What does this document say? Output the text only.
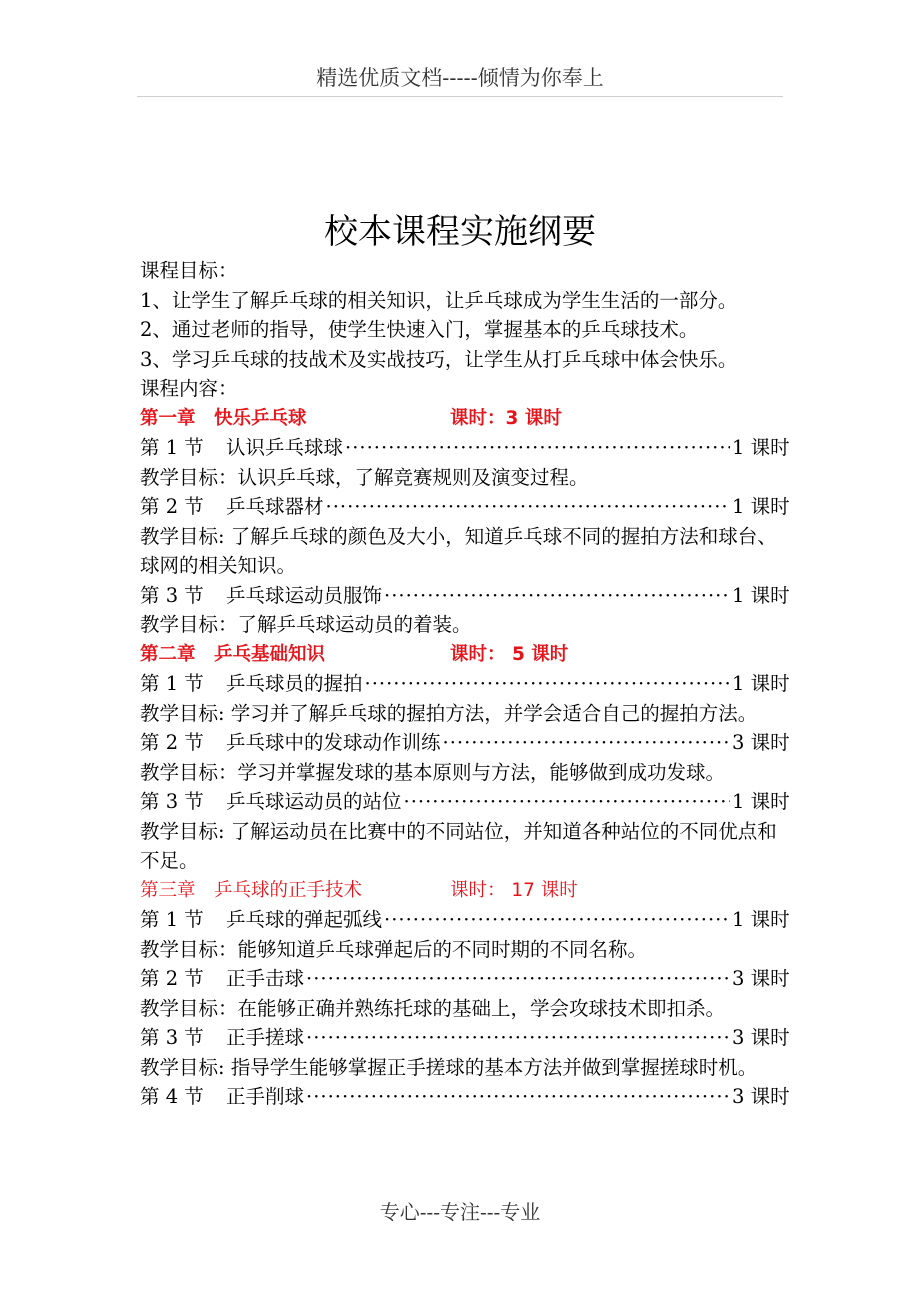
精选优质文档-----倾情为你奉上
校本课程实施纲要
课程目标：
1、让学生了解乒乓球的相关知识，让乒乓球成为学生生活的一部分。
2、通过老师的指导，使学生快速入门，掌握基本的乒乓球技术。
3、学习乒乓球的技战术及实战技巧，让学生从打乒乓球中体会快乐。
课程内容：
第一章　快乐乒乓球	课时：3 课时
第 1 节	认识乒乓球球 ·····	1 课时
教学目标：认识乒乓球，了解竞赛规则及演变过程。
第 2 节	乒乓球器材 ·····	1 课时
教学目标: 了解乒乓球的颜色及大小，知道乒乓球不同的握拍方法和球台、球网的相关知识。
第 3 节	乒乓球运动员服饰 ·····	1 课时
教学目标：了解乒乓球运动员的着装。
第二章　乒乓基础知识	课时： 5 课时
第 1 节	乒乓球员的握拍 ·····	1 课时
教学目标: 学习并了解乒乓球的握拍方法，并学会适合自己的握拍方法。
第 2 节	乒乓球中的发球动作训练 ·····	3 课时
教学目标：学习并掌握发球的基本原则与方法，能够做到成功发球。
第 3 节	乒乓球运动员的站位 ·····	1 课时
教学目标: 了解运动员在比赛中的不同站位，并知道各种站位的不同优点和不足。
第三章　乒乓球的正手技术	课时： 17 课时
第 1 节	乒乓球的弹起弧线 ·····	1 课时
教学目标：能够知道乒乓球弹起后的不同时期的不同名称。
第 2 节	正手击球 ·····	3 课时
教学目标：在能够正确并熟练托球的基础上，学会攻球技术即扣杀。
第 3 节	正手搓球 ·····	3 课时
教学目标: 指导学生能够掌握正手搓球的基本方法并做到掌握搓球时机。
第 4 节	正手削球 ·····	3 课时
专心---专注---专业
